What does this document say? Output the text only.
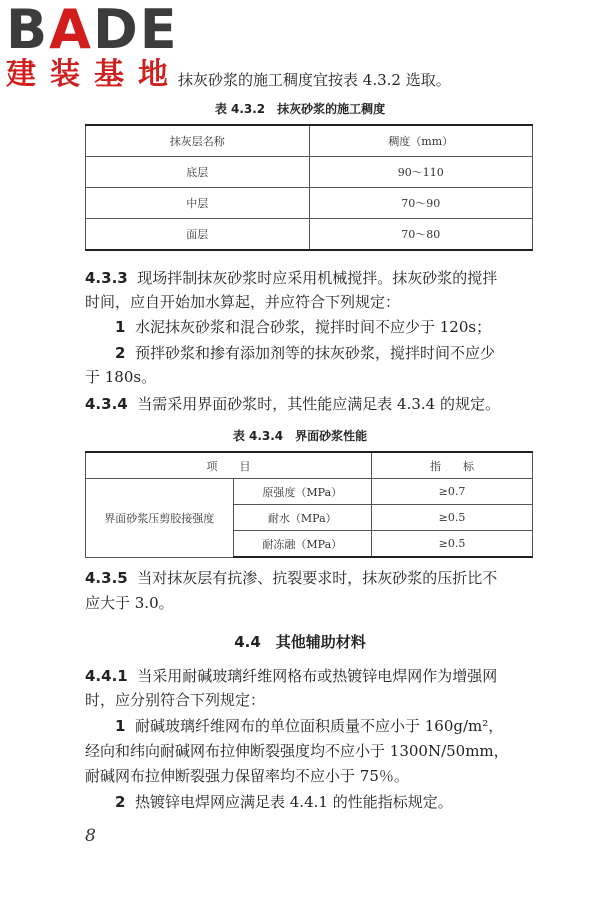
BADE
建装基地
抹灰砂浆的施工稠度宜按表 4.3.2 选取。
表 4.3.2　抹灰砂浆的施工稠度
抹灰层名称	稠度（mm）
底层	90～110
中层	70～90
面层	70～80
4.3.3 现场拌制抹灰砂浆时应采用机械搅拌。抹灰砂浆的搅拌
时间，应自开始加水算起，并应符合下列规定：
1 水泥抹灰砂浆和混合砂浆，搅拌时间不应少于 120s；
2 预拌砂浆和掺有添加剂等的抹灰砂浆，搅拌时间不应少
于 180s。
4.3.4 当需采用界面砂浆时，其性能应满足表 4.3.4 的规定。
表 4.3.4　界面砂浆性能
项　　目		指　　标
界面砂浆压剪胶接强度	原强度（MPa）	≥0.7
	耐水（MPa）	≥0.5
	耐冻融（MPa）	≥0.5
4.3.5 当对抹灰层有抗渗、抗裂要求时，抹灰砂浆的压折比不
应大于 3.0。
4.4　其他辅助材料
4.4.1 当采用耐碱玻璃纤维网格布或热镀锌电焊网作为增强网
时，应分别符合下列规定：
1 耐碱玻璃纤维网布的单位面积质量不应小于 160g/m²，
经向和纬向耐碱网布拉伸断裂强度均不应小于 1300N/50mm，
耐碱网布拉伸断裂强力保留率均不应小于 75％。
2 热镀锌电焊网应满足表 4.4.1 的性能指标规定。
8
